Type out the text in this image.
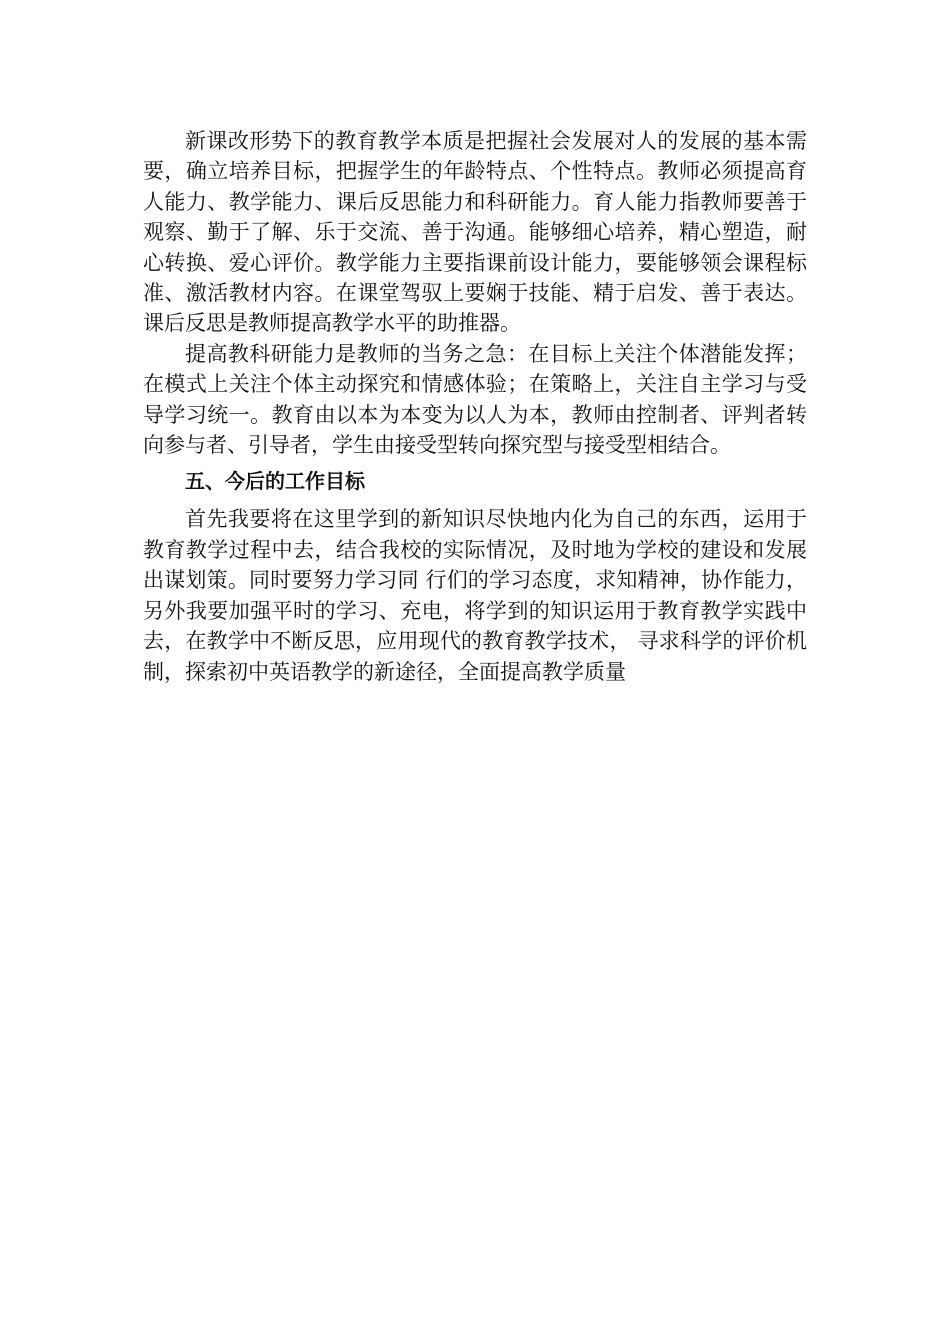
新课改形势下的教育教学本质是把握社会发展对人的发展的基本需要，确立培养目标，把握学生的年龄特点、个性特点。教师必须提高育人能力、教学能力、课后反思能力和科研能力。育人能力指教师要善于观察、勤于了解、乐于交流、善于沟通。能够细心培养，精心塑造，耐心转换、爱心评价。教学能力主要指课前设计能力，要能够领会课程标准、激活教材内容。在课堂驾驭上要娴于技能、精于启发、善于表达。课后反思是教师提高教学水平的助推器。

提高教科研能力是教师的当务之急：在目标上关注个体潜能发挥；在模式上关注个体主动探究和情感体验；在策略上，关注自主学习与受导学习统一。教育由以本为本变为以人为本，教师由控制者、评判者转向参与者、引导者，学生由接受型转向探究型与接受型相结合。

五、今后的工作目标

首先我要将在这里学到的新知识尽快地内化为自己的东西，运用于教育教学过程中去，结合我校的实际情况，及时地为学校的建设和发展出谋划策。同时要努力学习同 行们的学习态度，求知精神，协作能力，另外我要加强平时的学习、充电，将学到的知识运用于教育教学实践中去，在教学中不断反思，应用现代的教育教学技术， 寻求科学的评价机制，探索初中英语教学的新途径，全面提高教学质量
